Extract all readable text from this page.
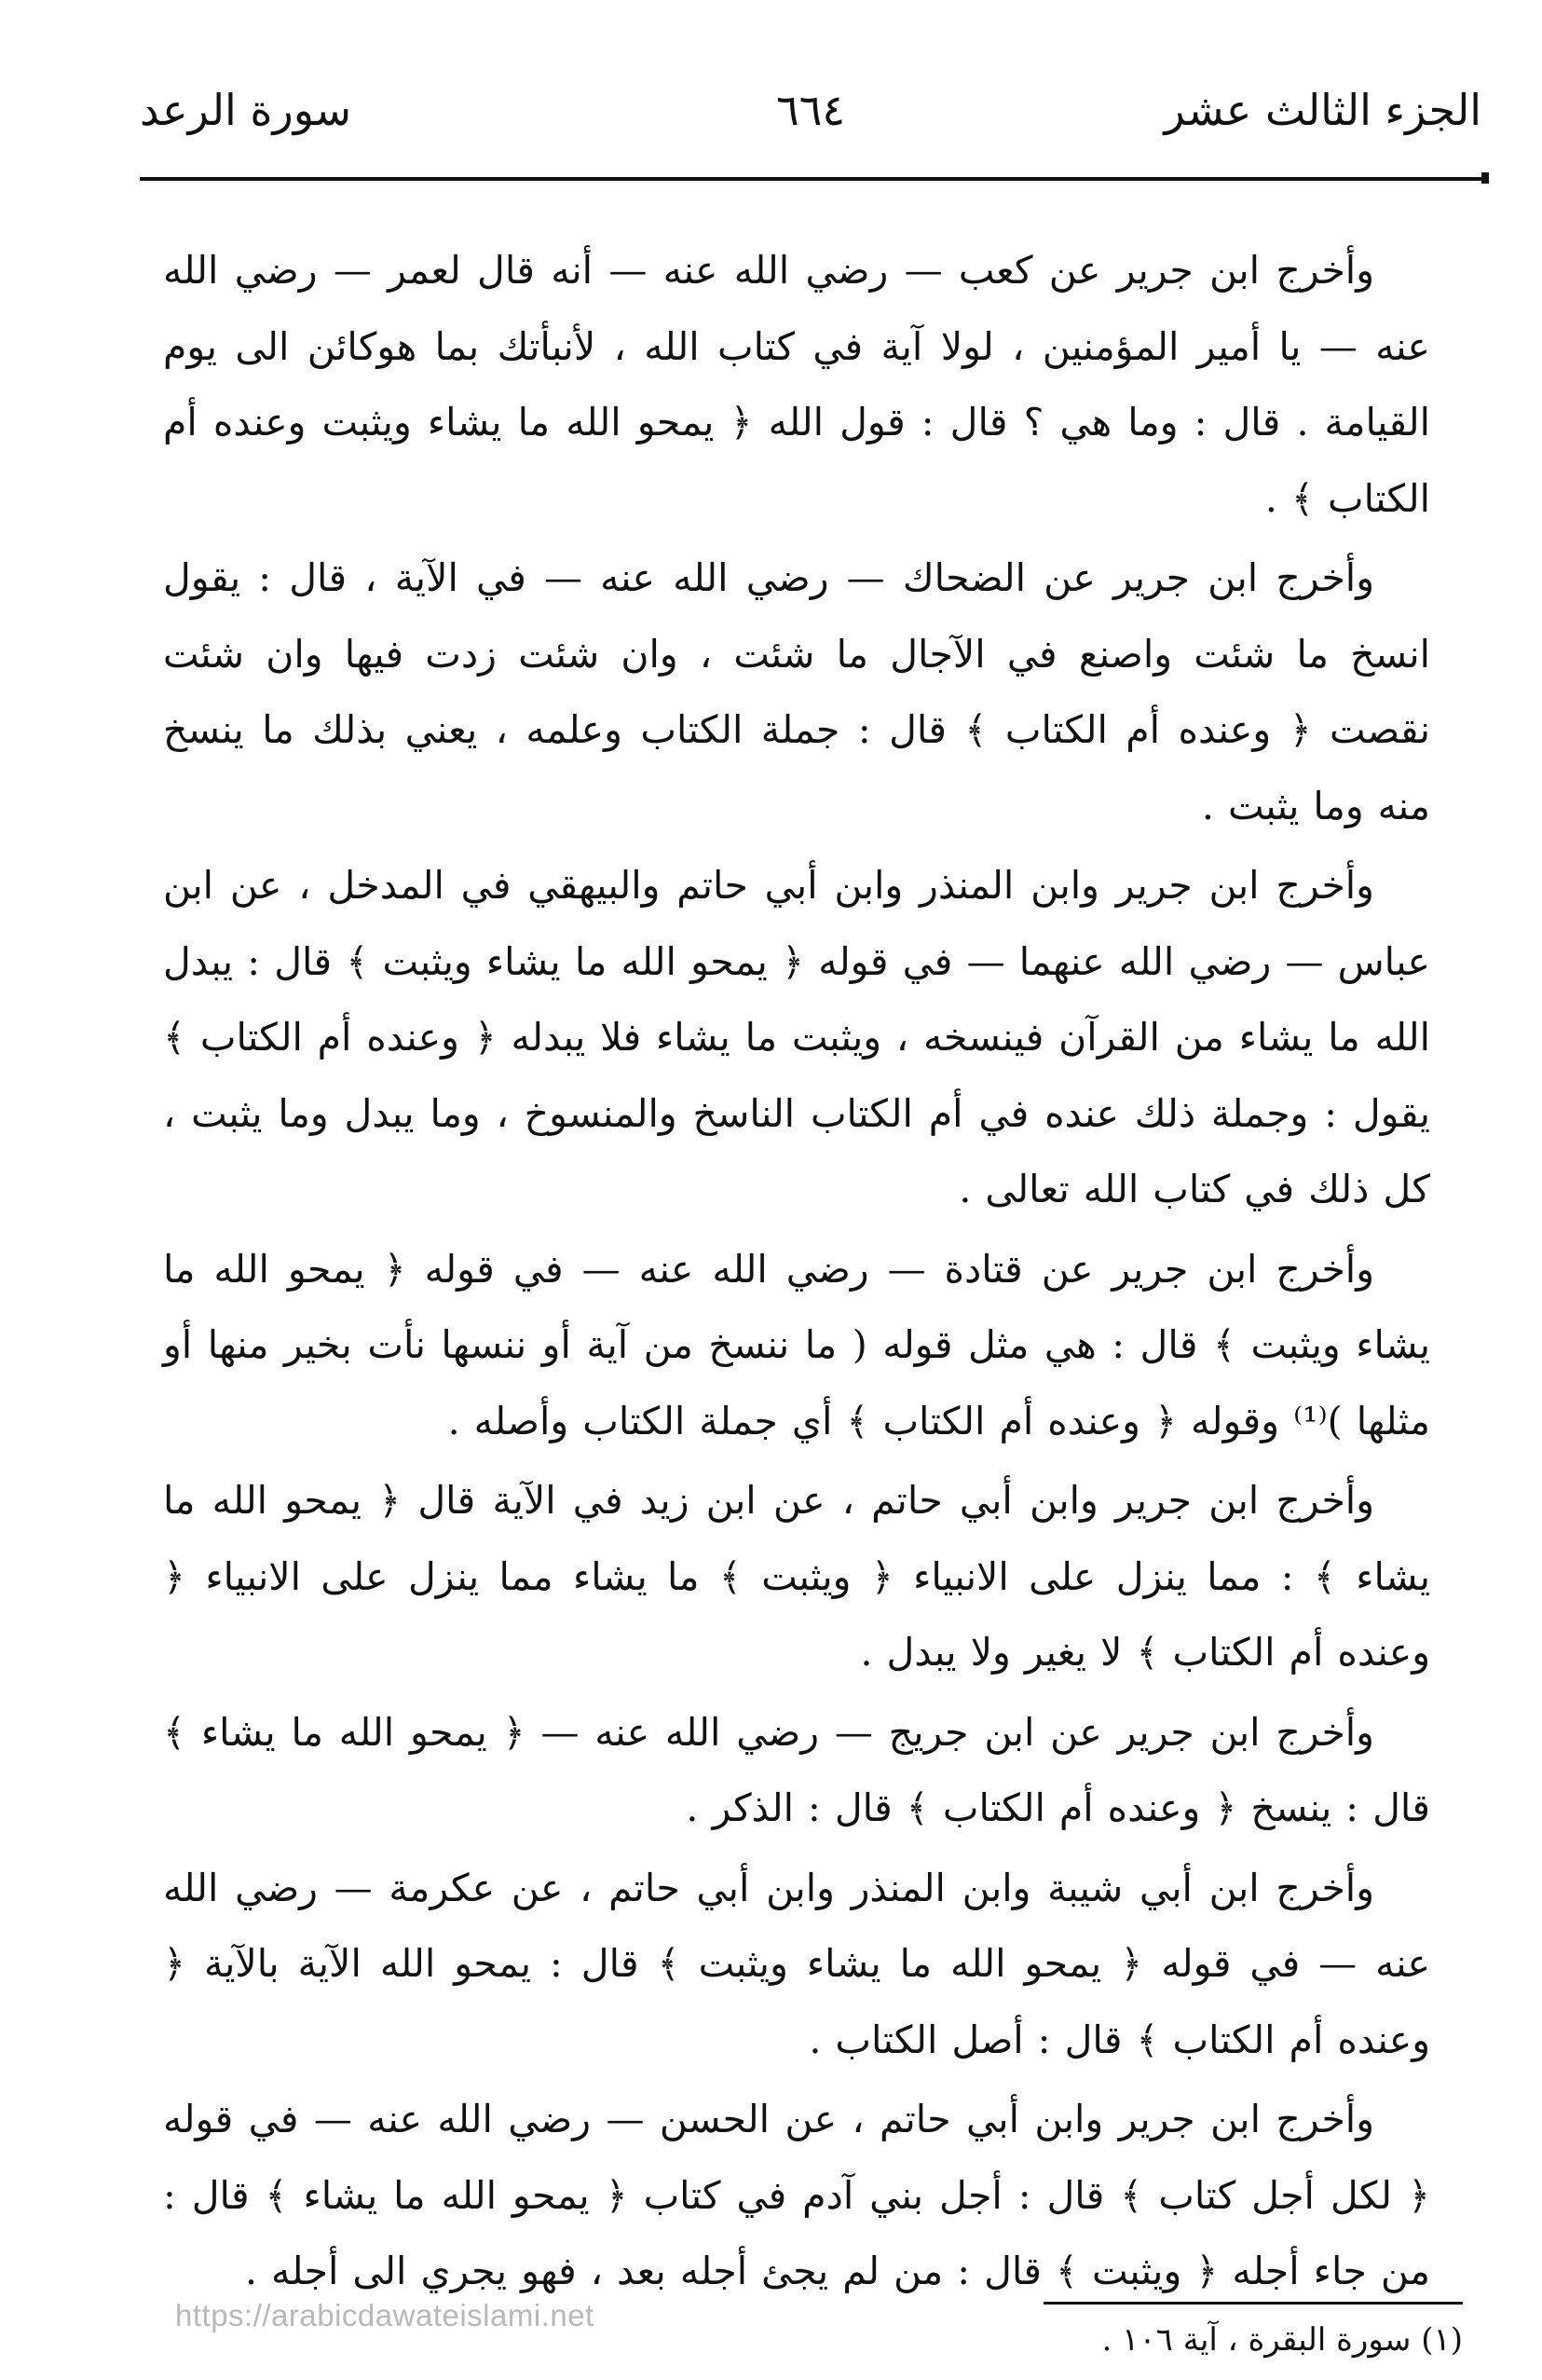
الجزء الثالث عشر
٦٦٤
سورة الرعد

وأخرج ابن جرير عن كعب — رضي الله عنه — أنه قال لعمر — رضي الله عنه — يا أمير المؤمنين ، لولا آية في كتاب الله ، لأنبأتك بما هوكائن الى يوم القيامة . قال : وما هي ؟ قال : قول الله ﴿ يمحو الله ما يشاء ويثبت وعنده أم الكتاب ﴾ .

وأخرج ابن جرير عن الضحاك — رضي الله عنه — في الآية ، قال : يقول انسخ ما شئت واصنع في الآجال ما شئت ، وان شئت زدت فيها وان شئت نقصت ﴿ وعنده أم الكتاب ﴾ قال : جملة الكتاب وعلمه ، يعني بذلك ما ينسخ منه وما يثبت .

وأخرج ابن جرير وابن المنذر وابن أبي حاتم والبيهقي في المدخل ، عن ابن عباس — رضي الله عنهما — في قوله ﴿ يمحو الله ما يشاء ويثبت ﴾ قال : يبدل الله ما يشاء من القرآن فينسخه ، ويثبت ما يشاء فلا يبدله ﴿ وعنده أم الكتاب ﴾ يقول : وجملة ذلك عنده في أم الكتاب الناسخ والمنسوخ ، وما يبدل وما يثبت ، كل ذلك في كتاب الله تعالى .

وأخرج ابن جرير عن قتادة — رضي الله عنه — في قوله ﴿ يمحو الله ما يشاء ويثبت ﴾ قال : هي مثل قوله ( ما ننسخ من آية أو ننسها نأت بخير منها أو مثلها )⁽¹⁾ وقوله ﴿ وعنده أم الكتاب ﴾ أي جملة الكتاب وأصله .

وأخرج ابن جرير وابن أبي حاتم ، عن ابن زيد في الآية قال ﴿ يمحو الله ما يشاء ﴾ : مما ينزل على الانبياء ﴿ ويثبت ﴾ ما يشاء مما ينزل على الانبياء ﴿ وعنده أم الكتاب ﴾ لا يغير ولا يبدل .

وأخرج ابن جرير عن ابن جريج — رضي الله عنه — ﴿ يمحو الله ما يشاء ﴾ قال : ينسخ ﴿ وعنده أم الكتاب ﴾ قال : الذكر .

وأخرج ابن أبي شيبة وابن المنذر وابن أبي حاتم ، عن عكرمة — رضي الله عنه — في قوله ﴿ يمحو الله ما يشاء ويثبت ﴾ قال : يمحو الله الآية بالآية ﴿ وعنده أم الكتاب ﴾ قال : أصل الكتاب .

وأخرج ابن جرير وابن أبي حاتم ، عن الحسن — رضي الله عنه — في قوله ﴿ لكل أجل كتاب ﴾ قال : أجل بني آدم في كتاب ﴿ يمحو الله ما يشاء ﴾ قال : من جاء أجله ﴿ ويثبت ﴾ قال : من لم يجئ أجله بعد ، فهو يجري الى أجله .

(١) سورة البقرة ، آية ١٠٦ .
https://arabicdawateislami.net
